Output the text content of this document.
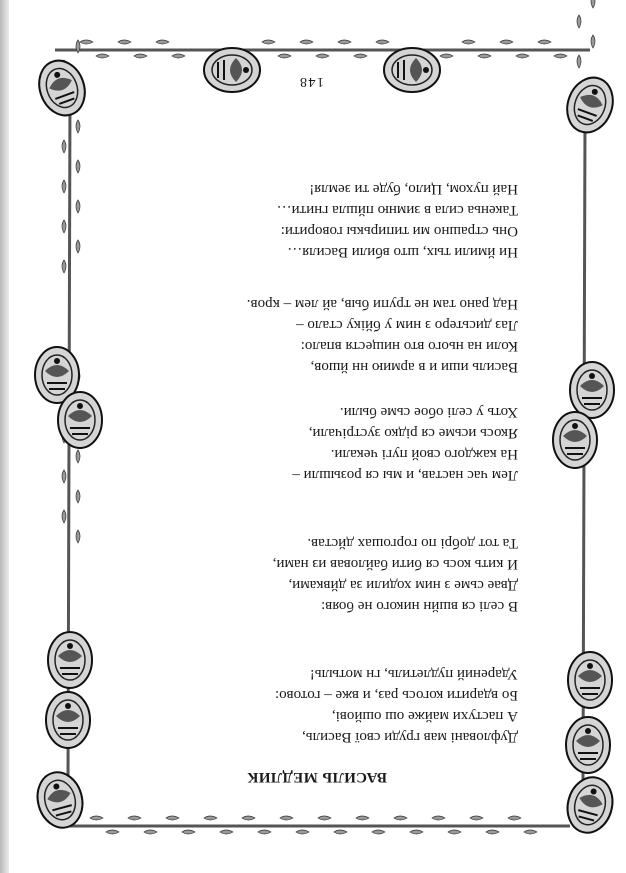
ВАСИЛЬ МЕДЛИК
Дуфловані мав груди свої Василь,
А пастухи майже ош ошйовi,
Бо вдарити когось раз, и вже – готово:
Ударений пудлетиль, гн мотыль!
В селi ся вшйн никого не бояв:
Двае сьме з ним ходили за дйвками,
И кить кось ся бити байловав из нами,
Та тот добрi по горгошах дйстав.
Лем час настав, и мы ся розышли –
На каждого свой пугi чекали.
Якось исьме ся рiдко зустрiчали,
Хоть у селi обое сьме были.
Василь иши и в армию нн йшов,
Коли на нього вто нищестя впало:
Лаз дисьтеро з ним у бйiку стало –
Над рано там не трупи быв, ай лем – кров.
Ни ймили тых, што вбили Василя…
Онь страшно ми типирькы говорити:
Такеньа сила в зимню пйшла гнити…
Най пухом, Цило, буде ти земля!
148
